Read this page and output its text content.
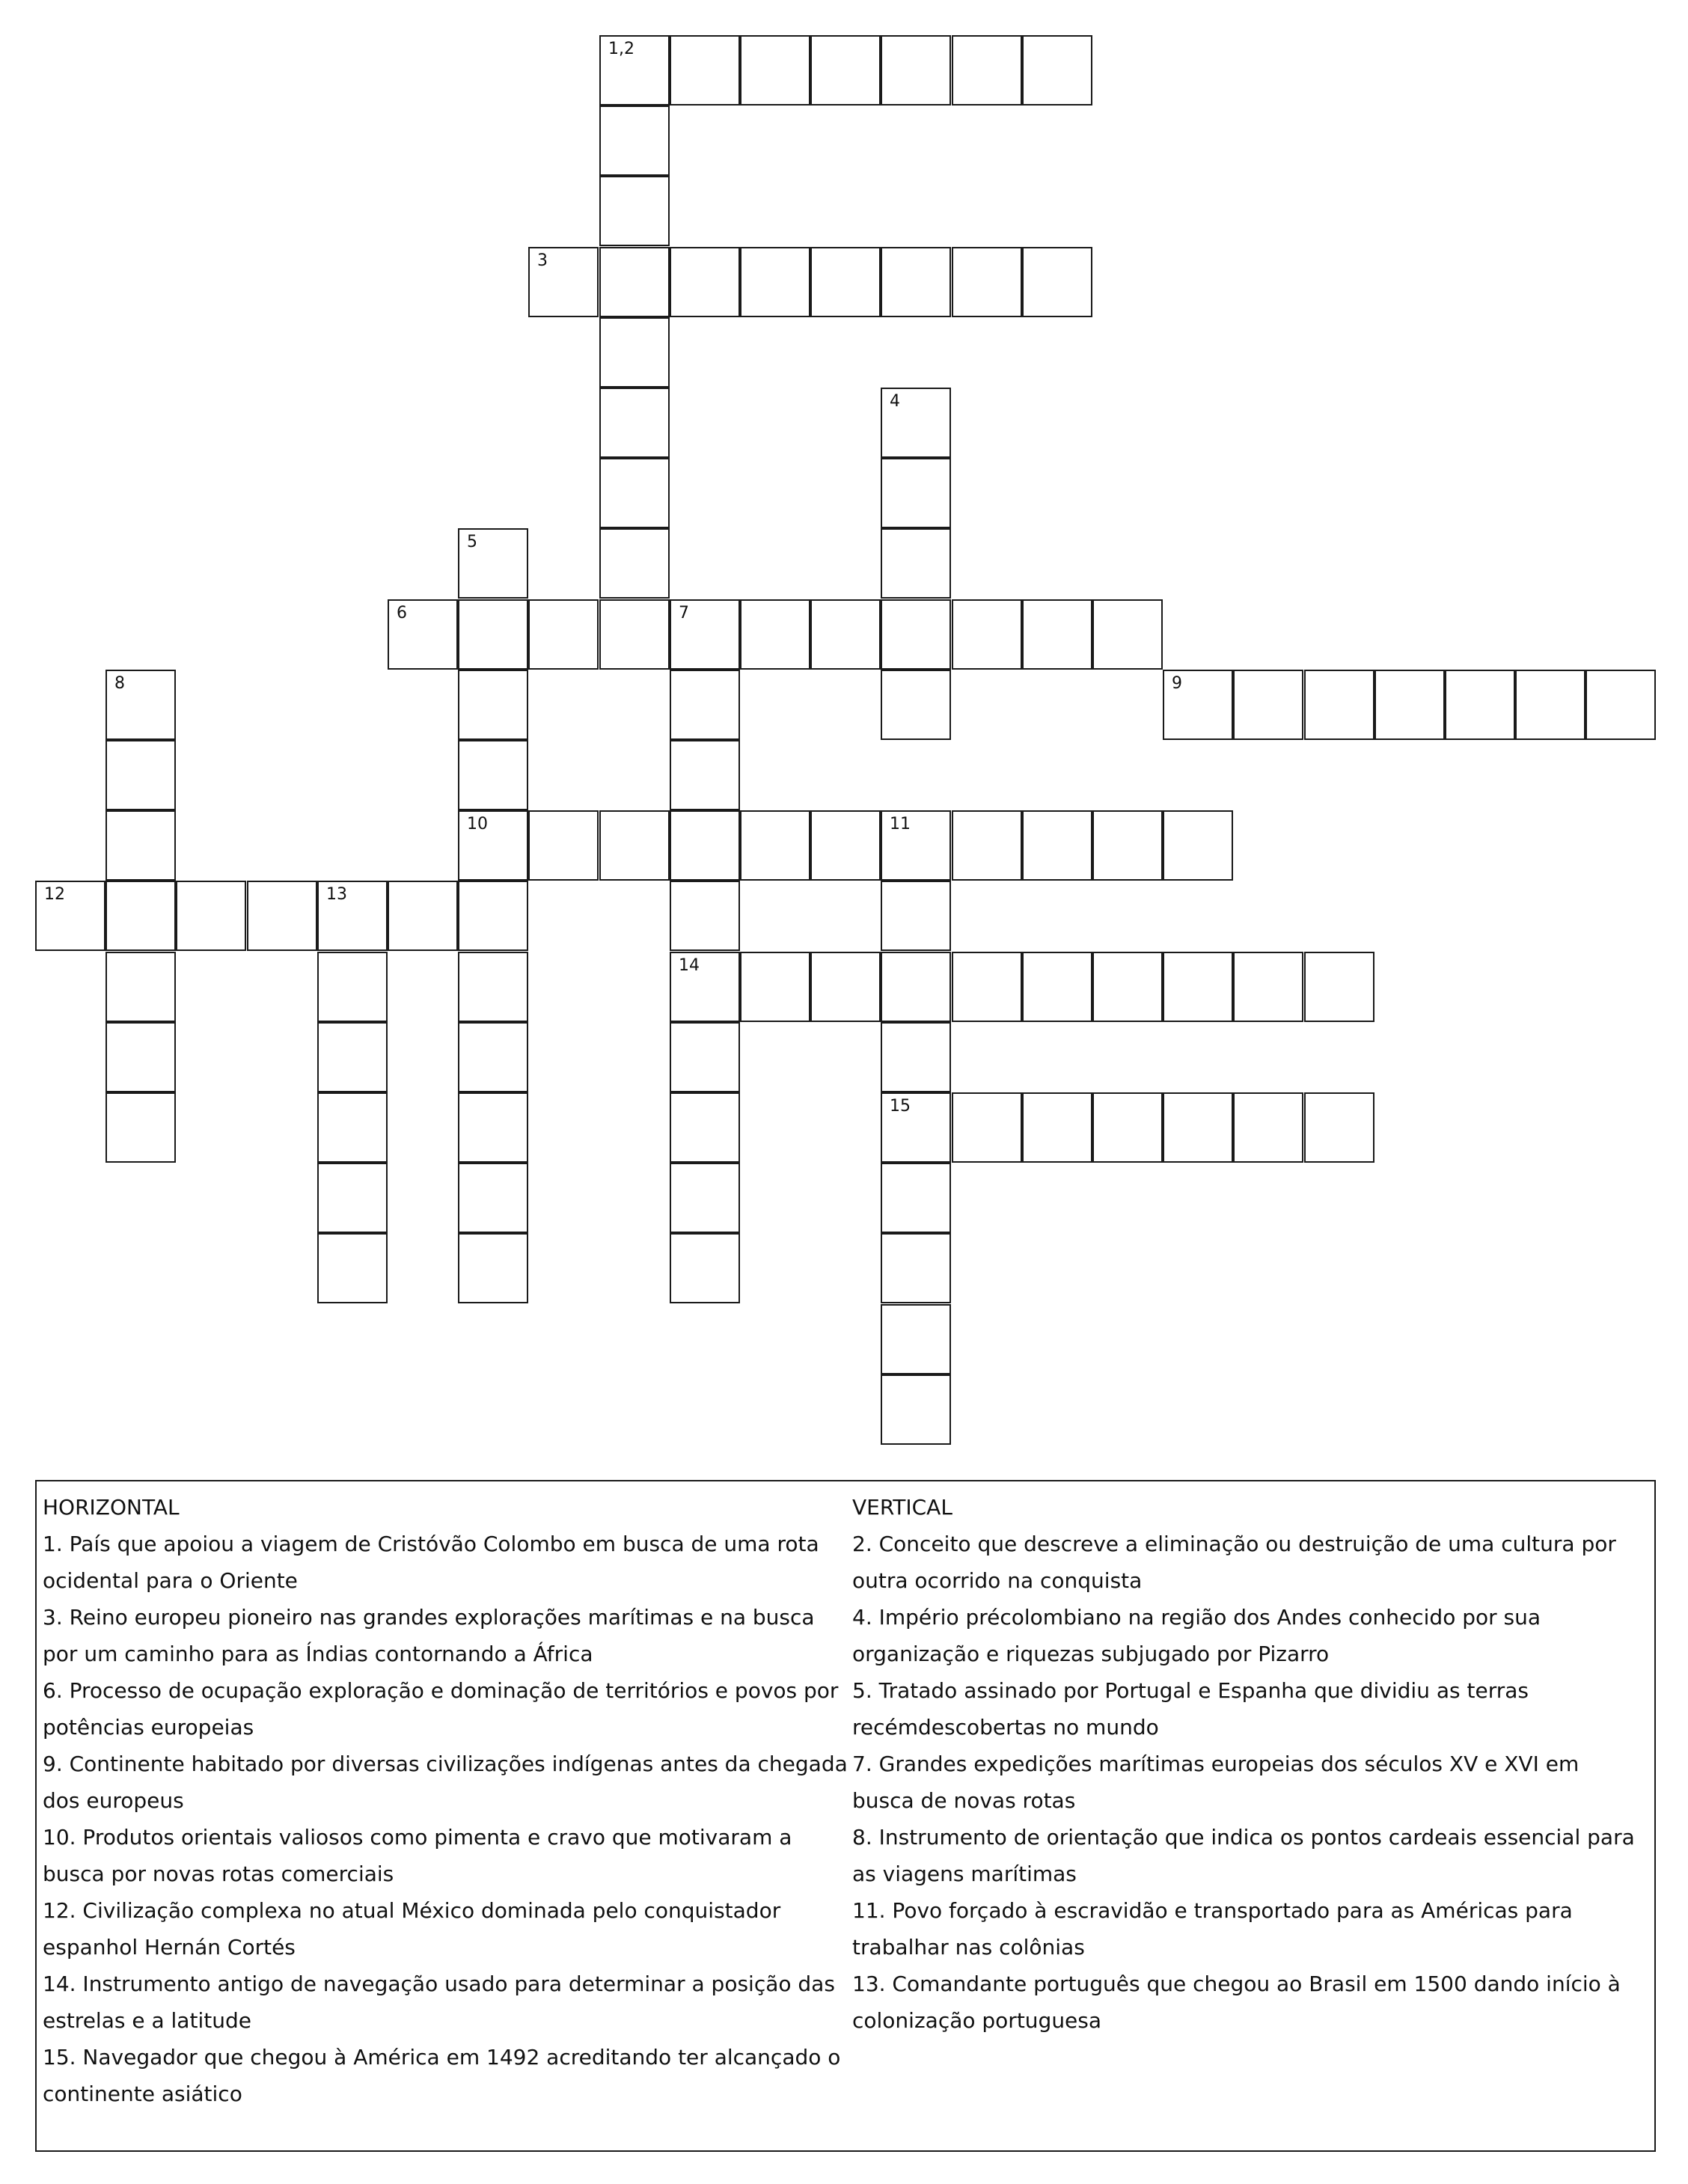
1,2
3
4
5
10
6	7
14
8	9
11
15
12	13

HORIZONTAL

1. País que apoiou a viagem de Cristóvão Colombo em busca de uma rota ocidental para o Oriente

3. Reino europeu pioneiro nas grandes explorações marítimas e na busca por um caminho para as Índias contornando a África

6. Processo de ocupação exploração e dominação de territórios e povos por potências europeias

9. Continente habitado por diversas civilizações indígenas antes da chegada dos europeus

10. Produtos orientais valiosos como pimenta e cravo que motivaram a busca por novas rotas comerciais

12. Civilização complexa no atual México dominada pelo conquistador espanhol Hernán Cortés

14. Instrumento antigo de navegação usado para determinar a posição das estrelas e a latitude

15. Navegador que chegou à América em 1492 acreditando ter alcançado o continente asiático

VERTICAL

2. Conceito que descreve a eliminação ou destruição de uma cultura por outra ocorrido na conquista

4. Império précolombiano na região dos Andes conhecido por sua organização e riquezas subjugado por Pizarro

5. Tratado assinado por Portugal e Espanha que dividiu as terras recémdescobertas no mundo

7. Grandes expedições marítimas europeias dos séculos XV e XVI em busca de novas rotas

8. Instrumento de orientação que indica os pontos cardeais essencial para as viagens marítimas

11. Povo forçado à escravidão e transportado para as Américas para trabalhar nas colônias

13. Comandante português que chegou ao Brasil em 1500 dando início à colonização portuguesa
